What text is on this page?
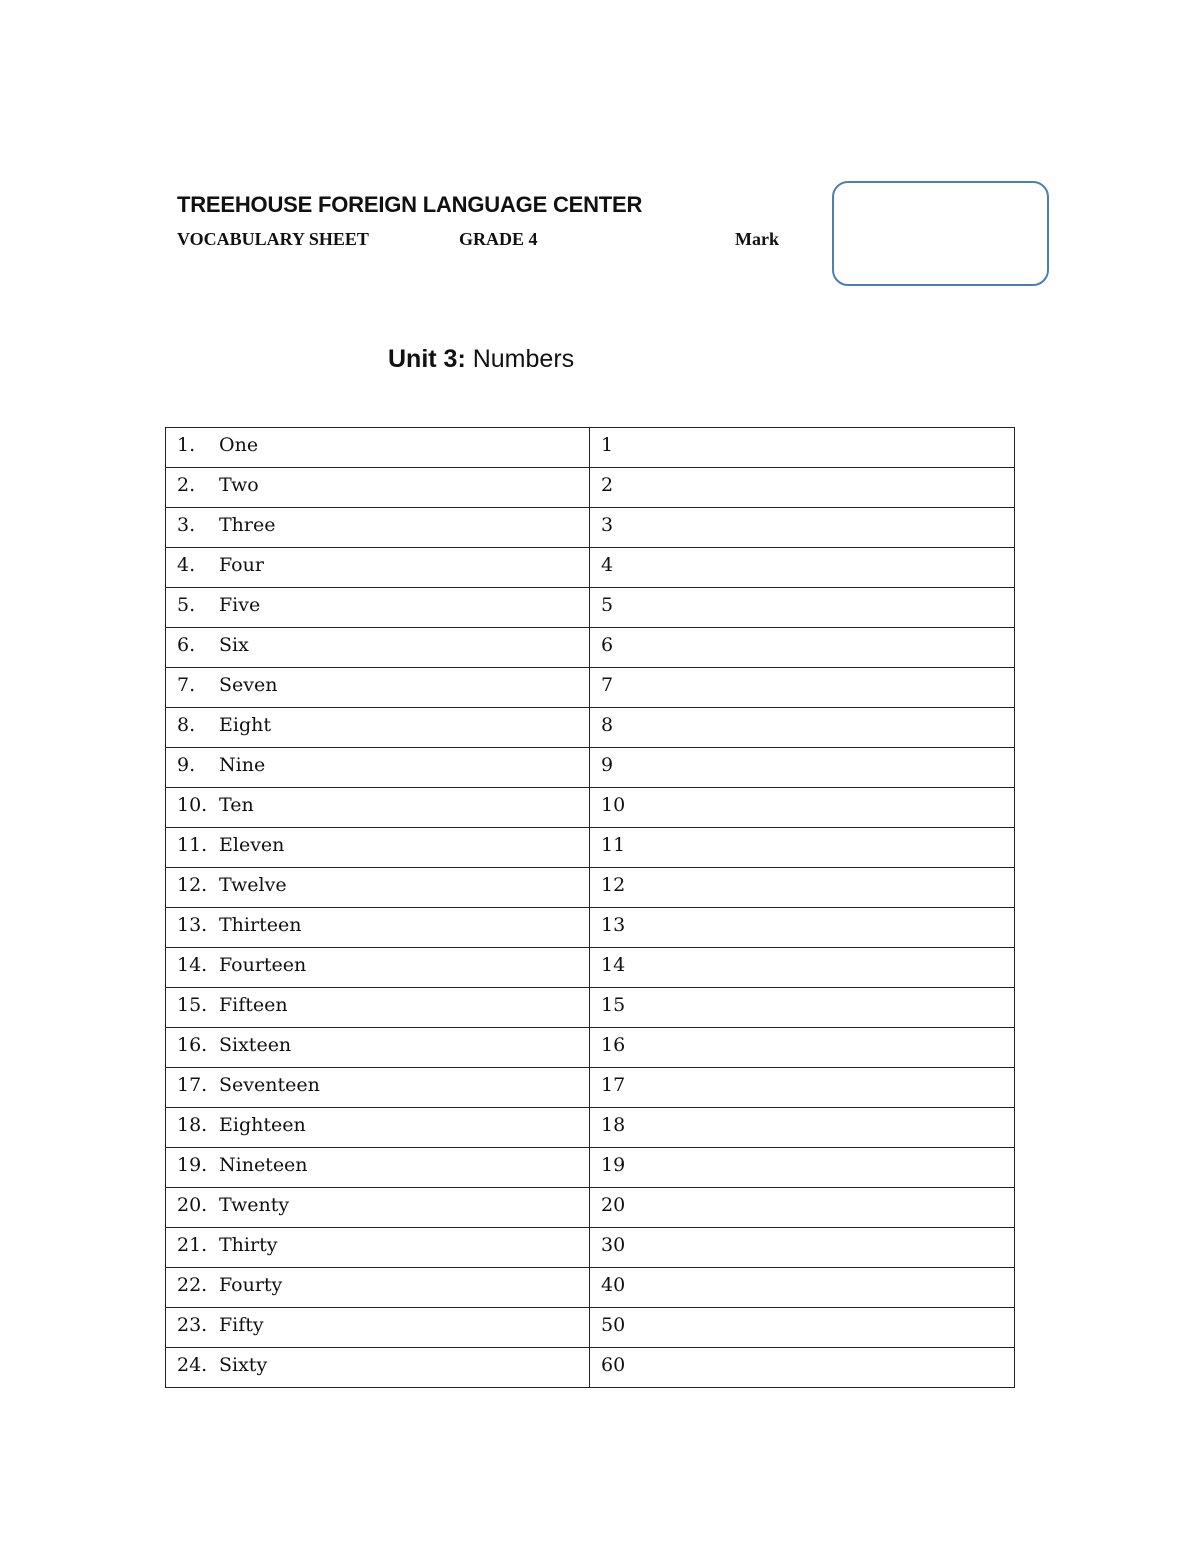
TREEHOUSE FOREIGN LANGUAGE CENTER
VOCABULARY SHEET	GRADE 4	Mark
Unit 3: Numbers
1. One	1
2. Two	2
3. Three	3
4. Four	4
5. Five	5
6. Six	6
7. Seven	7
8. Eight	8
9. Nine	9
10. Ten	10
11. Eleven	11
12. Twelve	12
13. Thirteen	13
14. Fourteen	14
15. Fifteen	15
16. Sixteen	16
17. Seventeen	17
18. Eighteen	18
19. Nineteen	19
20. Twenty	20
21. Thirty	30
22. Fourty	40
23. Fifty	50
24. Sixty	60
